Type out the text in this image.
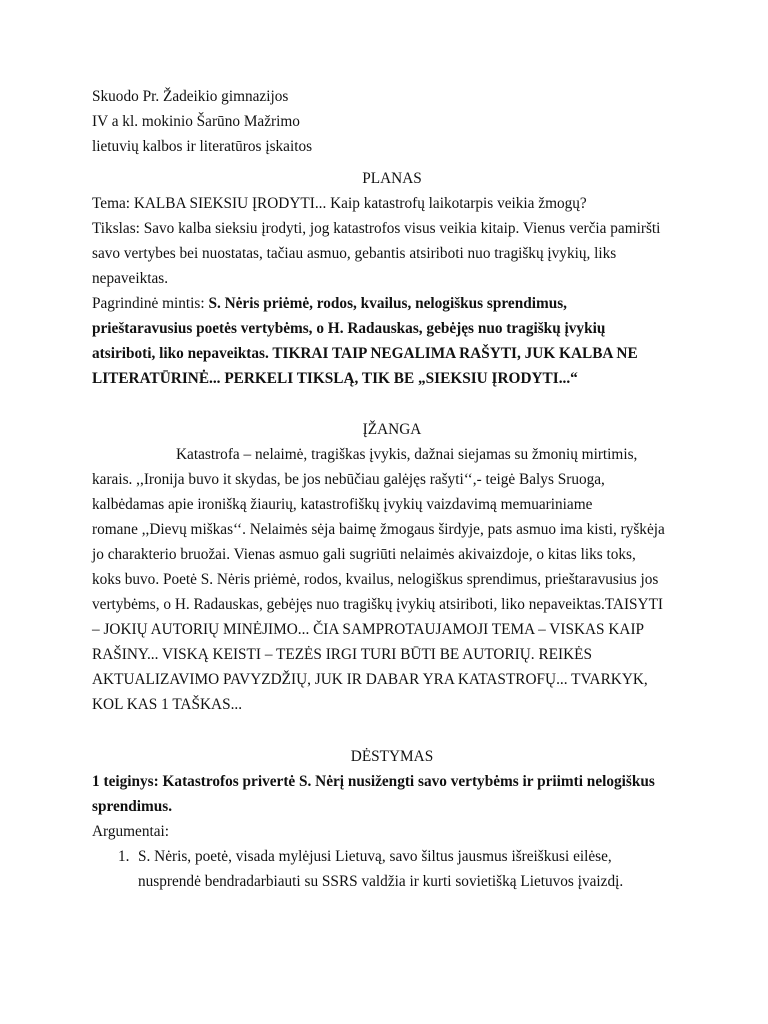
Skuodo Pr. Žadeikio gimnazijos
IV a kl. mokinio Šarūno Mažrimo
lietuvių kalbos ir literatūros įskaitos
PLANAS
Tema: KALBA SIEKSIU ĮRODYTI... Kaip katastrofų laikotarpis veikia žmogų?
Tikslas: Savo kalba sieksiu įrodyti, jog katastrofos visus veikia kitaip. Vienus verčia pamiršti
savo vertybes bei nuostatas, tačiau asmuo, gebantis atsiriboti nuo tragiškų įvykių, liks
nepaveiktas.
Pagrindinė mintis: S. Nėris priėmė, rodos, kvailus, nelogiškus sprendimus,
prieštaravusius poetės vertybėms, o H. Radauskas, gebėjęs nuo tragiškų įvykių
atsiriboti, liko nepaveiktas. TIKRAI TAIP NEGALIMA RAŠYTI, JUK KALBA NE
LITERATŪRINĖ... PERKELI TIKSLĄ, TIK BE „SIEKSIU ĮRODYTI...“
ĮŽANGA
Katastrofa – nelaimė, tragiškas įvykis, dažnai siejamas su žmonių mirtimis,
karais. ,,Ironija buvo it skydas, be jos nebūčiau galėjęs rašyti‘‘,- teigė Balys Sruoga,
kalbėdamas apie ironišką žiaurių, katastrofiškų įvykių vaizdavimą memuariniame
romane ,,Dievų miškas‘‘. Nelaimės sėja baimę žmogaus širdyje, pats asmuo ima kisti, ryškėja
jo charakterio bruožai. Vienas asmuo gali sugriūti nelaimės akivaizdoje, o kitas liks toks,
koks buvo. Poetė S. Nėris priėmė, rodos, kvailus, nelogiškus sprendimus, prieštaravusius jos
vertybėms, o H. Radauskas, gebėjęs nuo tragiškų įvykių atsiriboti, liko nepaveiktas.TAISYTI
– JOKIŲ AUTORIŲ MINĖJIMO... ČIA SAMPROTAUJAMOJI TEMA – VISKAS KAIP
RAŠINY... VISKĄ KEISTI – TEZĖS IRGI TURI BŪTI BE AUTORIŲ. REIKĖS
AKTUALIZAVIMO PAVYZDŽIŲ, JUK IR DABAR YRA KATASTROFŲ... TVARKYK,
KOL KAS 1 TAŠKAS...
DĖSTYMAS
1 teiginys: Katastrofos privertė S. Nėrį nusižengti savo vertybėms ir priimti nelogiškus
sprendimus.
Argumentai:
1. S. Nėris, poetė, visada mylėjusi Lietuvą, savo šiltus jausmus išreiškusi eilėse,
nusprendė bendradarbiauti su SSRS valdžia ir kurti sovietišką Lietuvos įvaizdį.
